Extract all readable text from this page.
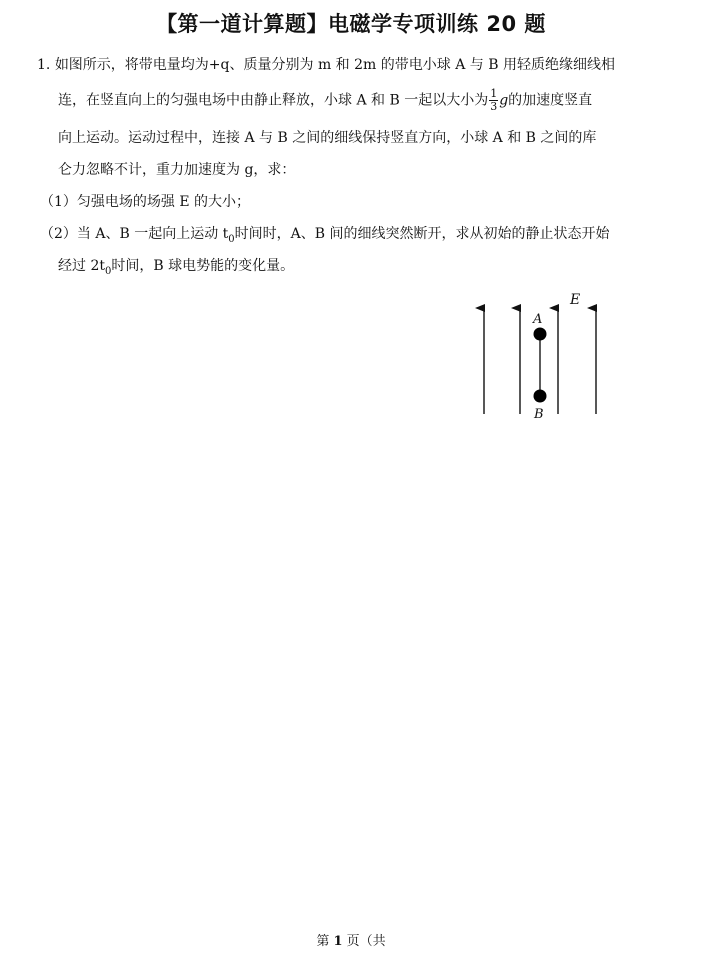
【第一道计算题】电磁学专项训练 20 题
1. 如图所示，将带电量均为+q、质量分别为 m 和 2m 的带电小球 A 与 B 用轻质绝缘细线相
连，在竖直向上的匀强电场中由静止释放，小球 A 和 B 一起以大小为 $\frac{1}{3}$ g的加速度竖直
向上运动。运动过程中，连接 A 与 B 之间的细线保持竖直方向，小球 A 和 B 之间的库
仑力忽略不计，重力加速度为 g，求：
（1）匀强电场的场强 E 的大小；
（2）当 A、B 一起向上运动 $t_0$时间时，A、B 间的细线突然断开，求从初始的静止状态开始
经过 $2t_0$时间，B 球电势能的变化量。
E
A
B
第 1 页（共
